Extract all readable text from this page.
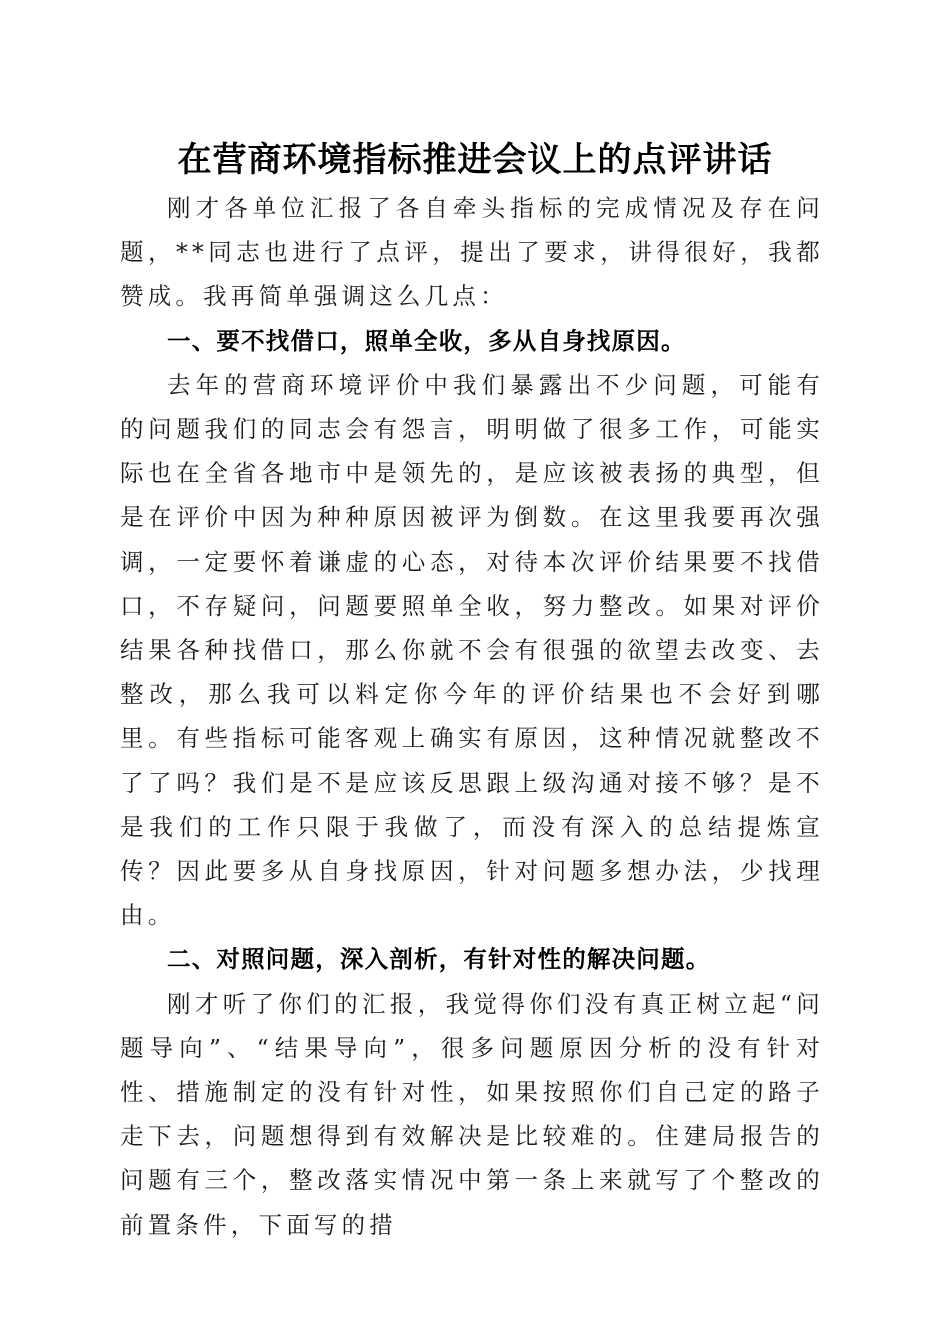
在营商环境指标推进会议上的点评讲话

刚才各单位汇报了各自牵头指标的完成情况及存在问题，**同志也进行了点评，提出了要求，讲得很好，我都赞成。我再简单强调这么几点：

一、要不找借口，照单全收，多从自身找原因。

去年的营商环境评价中我们暴露出不少问题，可能有的问题我们的同志会有怨言，明明做了很多工作，可能实际也在全省各地市中是领先的，是应该被表扬的典型，但是在评价中因为种种原因被评为倒数。在这里我要再次强调，一定要怀着谦虚的心态，对待本次评价结果要不找借口，不存疑问，问题要照单全收，努力整改。如果对评价结果各种找借口，那么你就不会有很强的欲望去改变、去整改，那么我可以料定你今年的评价结果也不会好到哪里。有些指标可能客观上确实有原因，这种情况就整改不了了吗？我们是不是应该反思跟上级沟通对接不够？是不是我们的工作只限于我做了，而没有深入的总结提炼宣传？因此要多从自身找原因，针对问题多想办法，少找理由。

二、对照问题，深入剖析，有针对性的解决问题。

刚才听了你们的汇报，我觉得你们没有真正树立起“问题导向”、“结果导向”，很多问题原因分析的没有针对性、措施制定的没有针对性，如果按照你们自己定的路子走下去，问题想得到有效解决是比较难的。住建局报告的问题有三个，整改落实情况中第一条上来就写了个整改的前置条件，下面写的措
